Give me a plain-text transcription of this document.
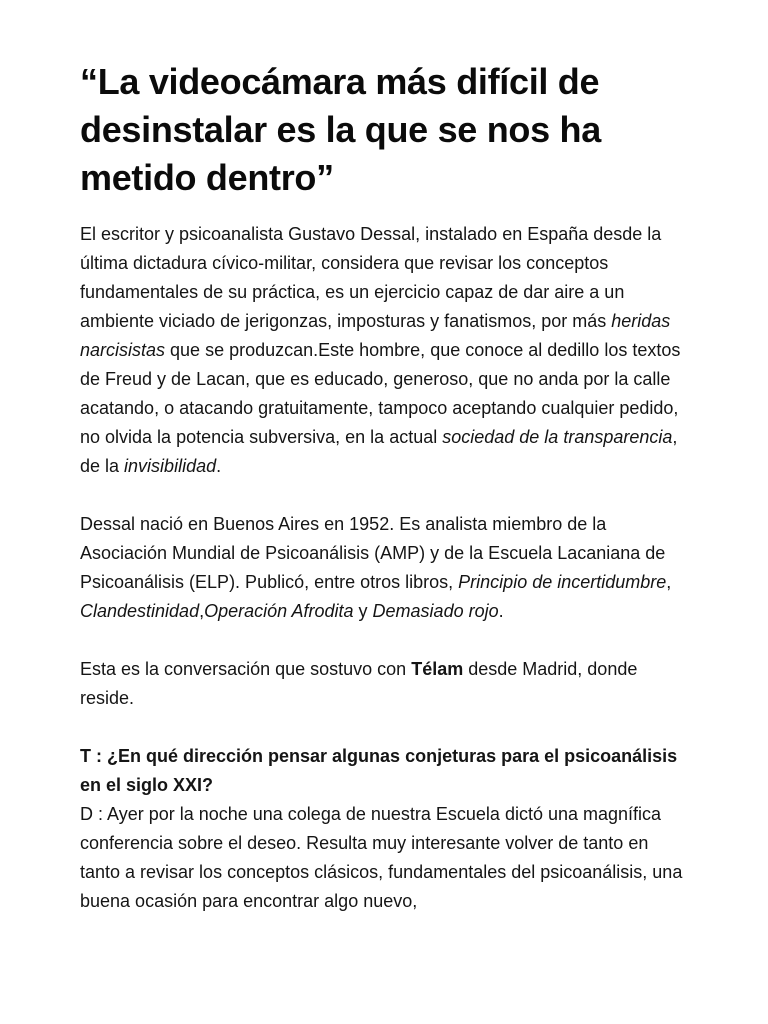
“La videocámara más difícil de desinstalar es la que se nos ha metido dentro”

El escritor y psicoanalista Gustavo Dessal, instalado en España desde la última dictadura cívico-militar, considera que revisar los conceptos fundamentales de su práctica, es un ejercicio capaz de dar aire a un ambiente viciado de jerigonzas, imposturas y fanatismos, por más heridas narcisistas que se produzcan.Este hombre, que conoce al dedillo los textos de Freud y de Lacan, que es educado, generoso, que no anda por la calle acatando, o atacando gratuitamente, tampoco aceptando cualquier pedido, no olvida la potencia subversiva, en la actual sociedad de la transparencia, de la invisibilidad.

Dessal nació en Buenos Aires en 1952. Es analista miembro de la Asociación Mundial de Psicoanálisis (AMP) y de la Escuela Lacaniana de Psicoanálisis (ELP). Publicó, entre otros libros, Principio de incertidumbre, Clandestinidad,Operación Afrodita y Demasiado rojo.

Esta es la conversación que sostuvo con Télam desde Madrid, donde reside.

T : ¿En qué dirección pensar algunas conjeturas para el psicoanálisis en el siglo XXI?

D : Ayer por la noche una colega de nuestra Escuela dictó una magnífica conferencia sobre el deseo. Resulta muy interesante volver de tanto en tanto a revisar los conceptos clásicos, fundamentales del psicoanálisis, una buena ocasión para encontrar algo nuevo,
